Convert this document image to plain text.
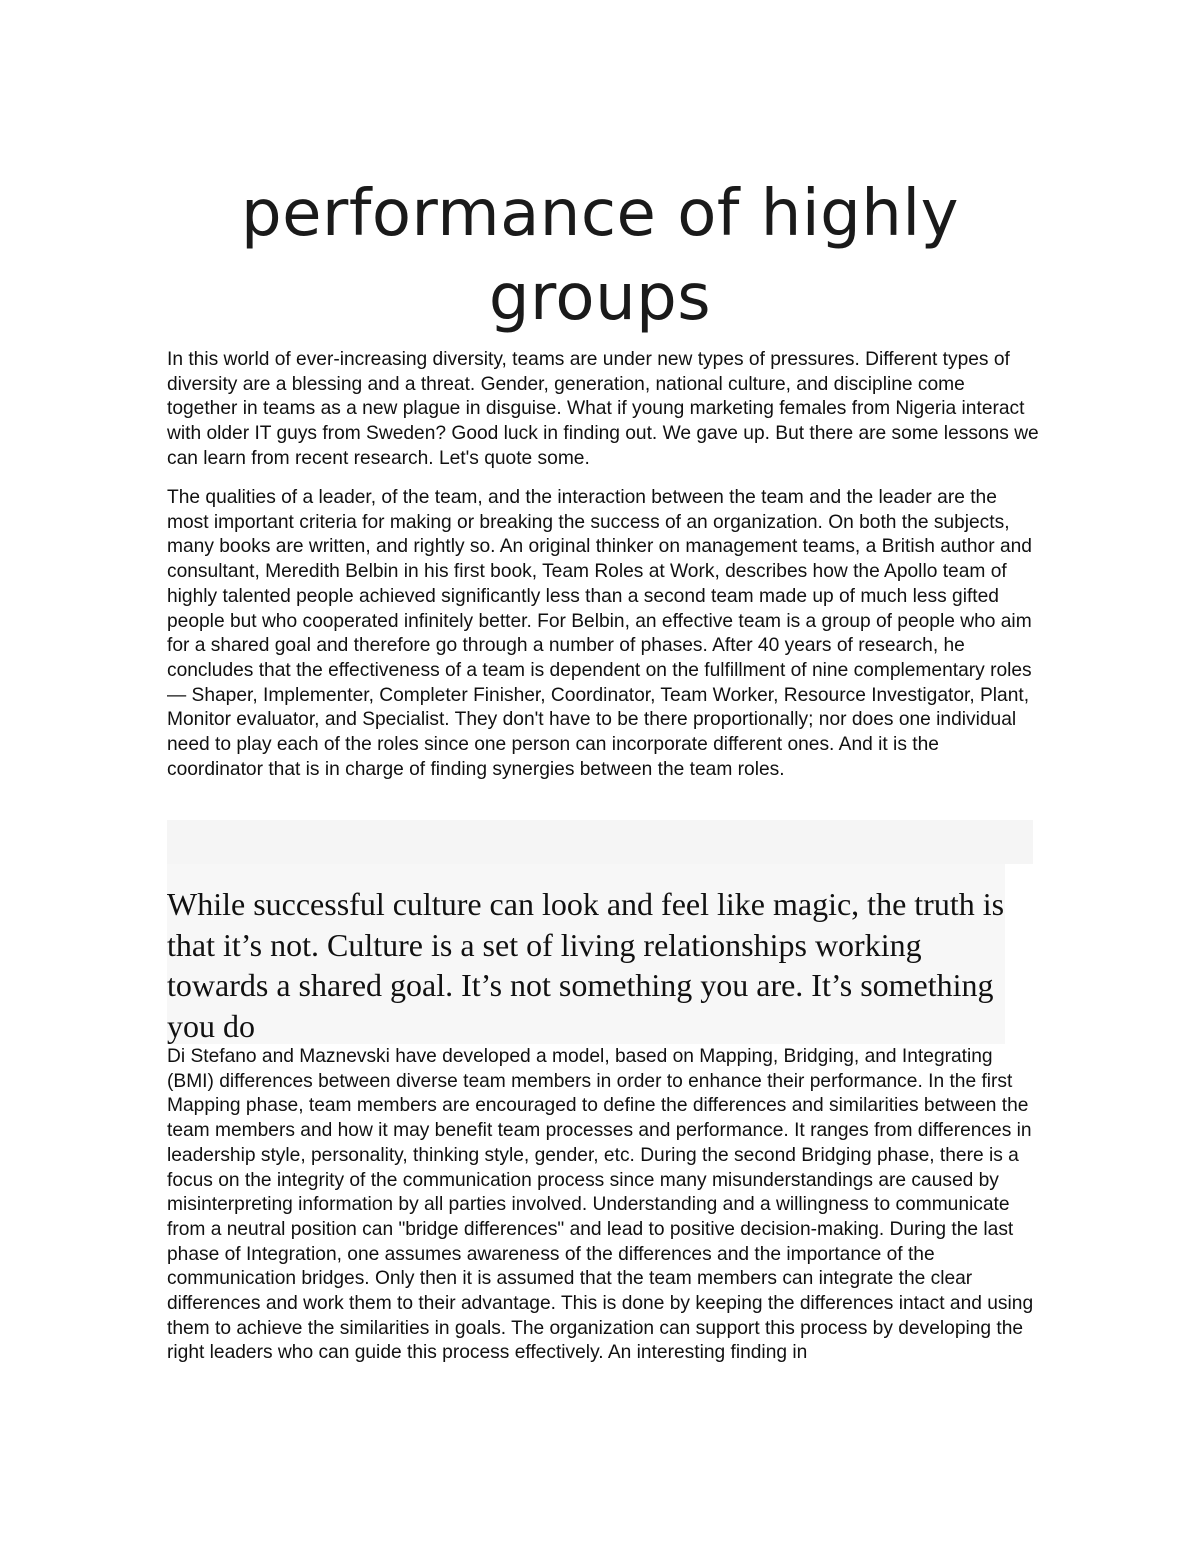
performance of highly groups

In this world of ever-increasing diversity, teams are under new types of pressures. Different types of diversity are a blessing and a threat. Gender, generation, national culture, and discipline come together in teams as a new plague in disguise. What if young marketing females from Nigeria interact with older IT guys from Sweden? Good luck in finding out. We gave up. But there are some lessons we can learn from recent research. Let's quote some.

The qualities of a leader, of the team, and the interaction between the team and the leader are the most important criteria for making or breaking the success of an organization. On both the subjects, many books are written, and rightly so. An original thinker on management teams, a British author and consultant, Meredith Belbin in his first book, Team Roles at Work, describes how the Apollo team of highly talented people achieved significantly less than a second team made up of much less gifted people but who cooperated infinitely better. For Belbin, an effective team is a group of people who aim for a shared goal and therefore go through a number of phases. After 40 years of research, he concludes that the effectiveness of a team is dependent on the fulfillment of nine complementary roles — Shaper, Implementer, Completer Finisher, Coordinator, Team Worker, Resource Investigator, Plant, Monitor evaluator, and Specialist. They don't have to be there proportionally; nor does one individual need to play each of the roles since one person can incorporate different ones. And it is the coordinator that is in charge of finding synergies between the team roles.

While successful culture can look and feel like magic, the truth is that it’s not. Culture is a set of living relationships working towards a shared goal. It’s not something you are. It’s something you do

Di Stefano and Maznevski have developed a model, based on Mapping, Bridging, and Integrating (BMI) differences between diverse team members in order to enhance their performance. In the first Mapping phase, team members are encouraged to define the differences and similarities between the team members and how it may benefit team processes and performance. It ranges from differences in leadership style, personality, thinking style, gender, etc. During the second Bridging phase, there is a focus on the integrity of the communication process since many misunderstandings are caused by misinterpreting information by all parties involved. Understanding and a willingness to communicate from a neutral position can "bridge differences" and lead to positive decision-making. During the last phase of Integration, one assumes awareness of the differences and the importance of the communication bridges. Only then it is assumed that the team members can integrate the clear differences and work them to their advantage. This is done by keeping the differences intact and using them to achieve the similarities in goals. The organization can support this process by developing the right leaders who can guide this process effectively. An interesting finding in
